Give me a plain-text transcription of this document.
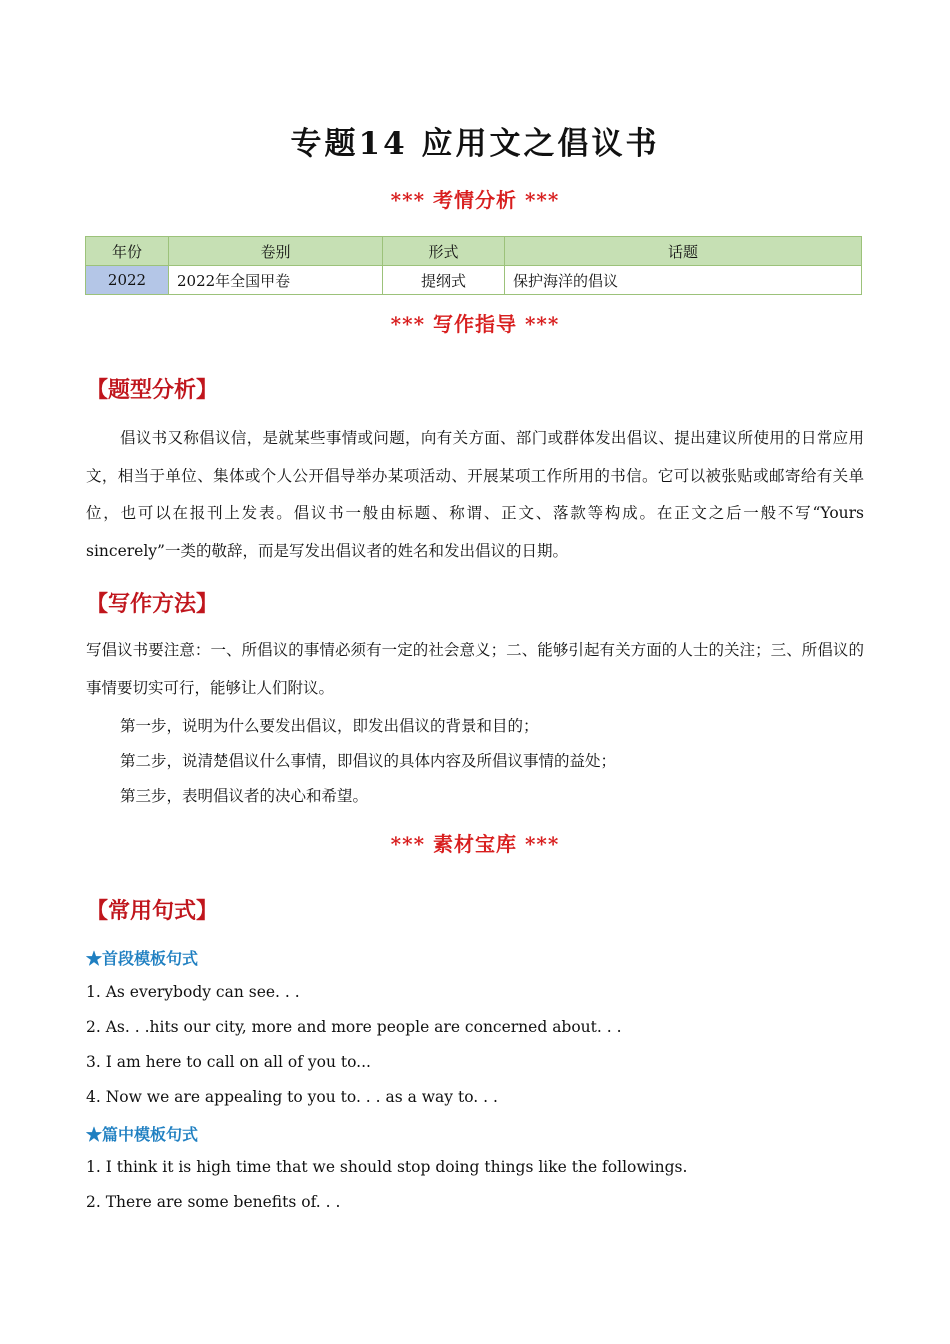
专题14 应用文之倡议书
*** 考情分析 ***
年份	卷别	形式	话题
2022	2022年全国甲卷	提纲式	保护海洋的倡议
*** 写作指导 ***
【题型分析】
倡议书又称倡议信，是就某些事情或问题，向有关方面、部门或群体发出倡议、提出建议所使用的日常应用文，相当于单位、集体或个人公开倡导举办某项活动、开展某项工作所用的书信。它可以被张贴或邮寄给有关单位，也可以在报刊上发表。倡议书一般由标题、称谓、正文、落款等构成。在正文之后一般不写“Yours sincerely”一类的敬辞，而是写发出倡议者的姓名和发出倡议的日期。
【写作方法】
写倡议书要注意：一、所倡议的事情必须有一定的社会意义；二、能够引起有关方面的人士的关注；三、所倡议的事情要切实可行，能够让人们附议。
第一步，说明为什么要发出倡议，即发出倡议的背景和目的；
第二步，说清楚倡议什么事情，即倡议的具体内容及所倡议事情的益处；
第三步，表明倡议者的决心和希望。
*** 素材宝库 ***
【常用句式】
★首段模板句式
1. As everybody can see. . .
2. As. . .hits our city, more and more people are concerned about. . .
3. I am here to call on all of you to...
4. Now we are appealing to you to. . . as a way to. . .
★篇中模板句式
1. I think it is high time that we should stop doing things like the followings.
2. There are some benefits of. . .
